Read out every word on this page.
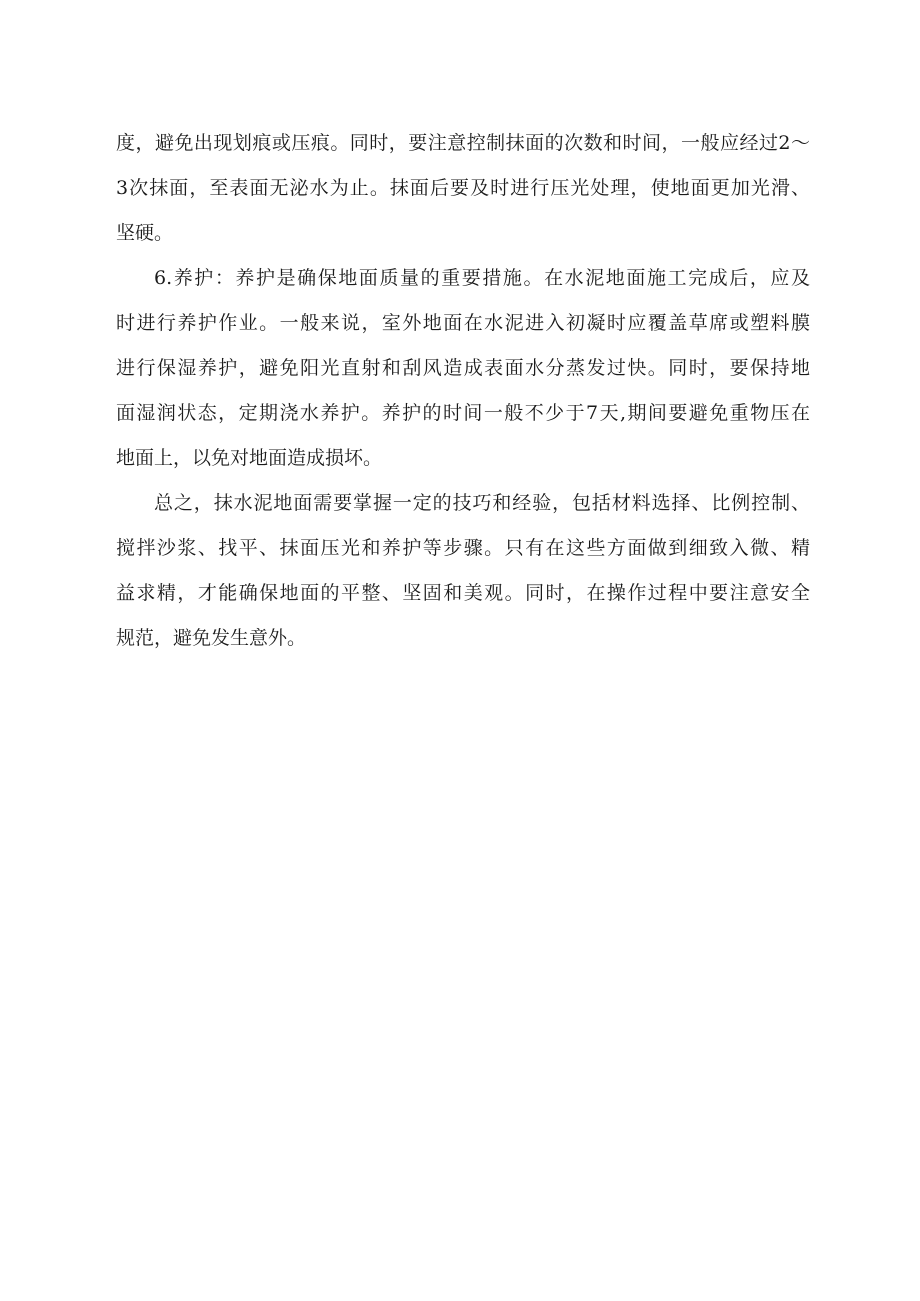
度，避免出现划痕或压痕。同时，要注意控制抹面的次数和时间，一般应经过2〜
3次抹面，至表面无泌水为止。抹面后要及时进行压光处理，使地面更加光滑、
坚硬。
6.养护：养护是确保地面质量的重要措施。在水泥地面施工完成后，应及
时进行养护作业。一般来说，室外地面在水泥进入初凝时应覆盖草席或塑料膜
进行保湿养护，避免阳光直射和刮风造成表面水分蒸发过快。同时，要保持地
面湿润状态，定期浇水养护。养护的时间一般不少于7天,期间要避免重物压在
地面上，以免对地面造成损坏。
总之，抹水泥地面需要掌握一定的技巧和经验，包括材料选择、比例控制、
搅拌沙浆、找平、抹面压光和养护等步骤。只有在这些方面做到细致入微、精
益求精，才能确保地面的平整、坚固和美观。同时，在操作过程中要注意安全
规范，避免发生意外。
